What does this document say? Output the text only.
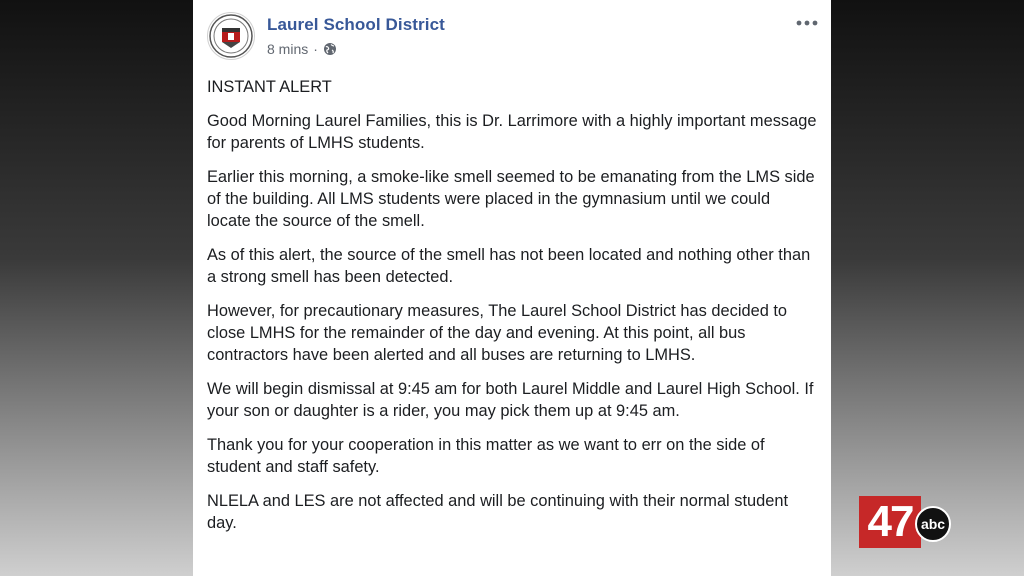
Laurel School District
8 mins ·

INSTANT ALERT

Good Morning Laurel Families, this is Dr. Larrimore with a highly important message for parents of LMHS students.

Earlier this morning, a smoke-like smell seemed to be emanating from the LMS side of the building. All LMS students were placed in the gymnasium until we could locate the source of the smell.

As of this alert, the source of the smell has not been located and nothing other than a strong smell has been detected.

However, for precautionary measures, The Laurel School District has decided to close LMHS for the remainder of the day and evening. At this point, all bus contractors have been alerted and all buses are returning to LMHS.

We will begin dismissal at 9:45 am for both Laurel Middle and Laurel High School. If your son or daughter is a rider, you may pick them up at 9:45 am.

Thank you for your cooperation in this matter as we want to err on the side of student and staff safety.

NLELA and LES are not affected and will be continuing with their normal student day.	47 abc
